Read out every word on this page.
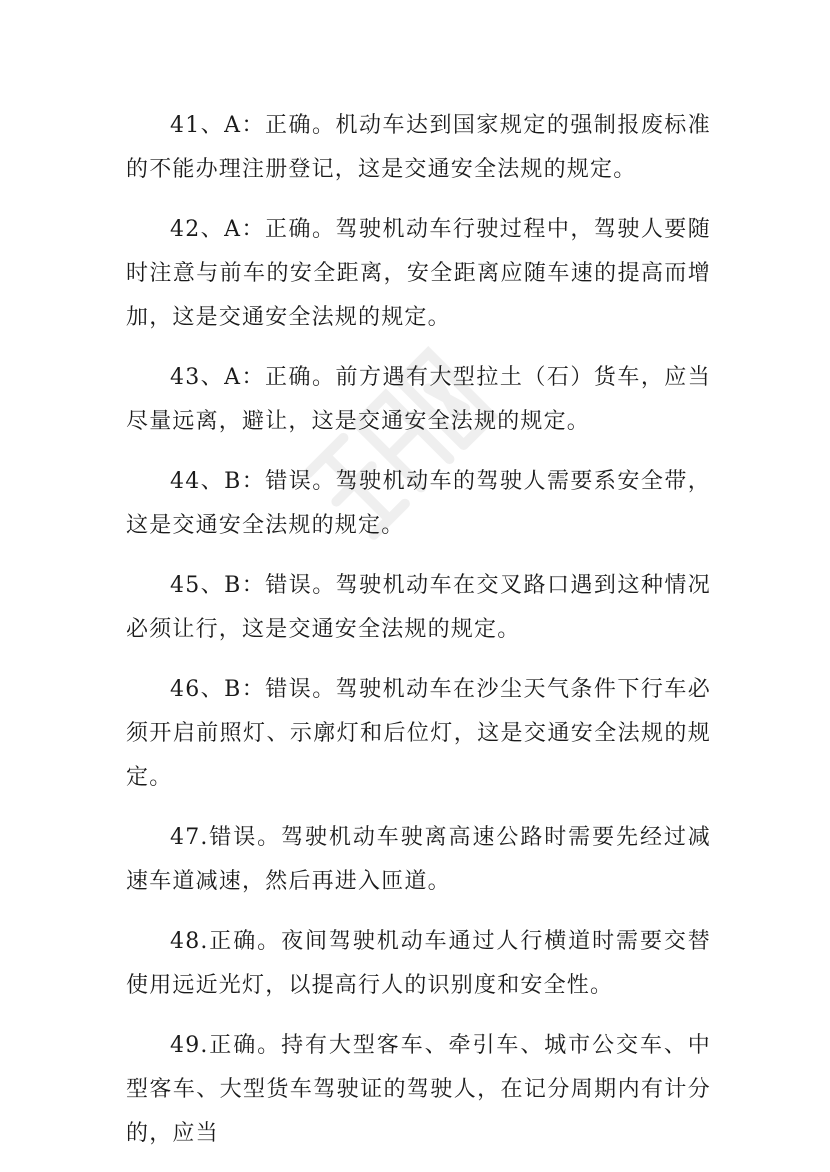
41、A：正确。机动车达到国家规定的强制报废标准的不能办理注册登记，这是交通安全法规的规定。

42、A：正确。驾驶机动车行驶过程中，驾驶人要随时注意与前车的安全距离，安全距离应随车速的提高而增加，这是交通安全法规的规定。

43、A：正确。前方遇有大型拉土（石）货车，应当尽量远离，避让，这是交通安全法规的规定。

44、B：错误。驾驶机动车的驾驶人需要系安全带，这是交通安全法规的规定。

45、B：错误。驾驶机动车在交叉路口遇到这种情况必须让行，这是交通安全法规的规定。

46、B：错误。驾驶机动车在沙尘天气条件下行车必须开启前照灯、示廓灯和后位灯，这是交通安全法规的规定。

47.错误。驾驶机动车驶离高速公路时需要先经过减速车道减速，然后再进入匝道。

48.正确。夜间驾驶机动车通过人行横道时需要交替使用远近光灯，以提高行人的识别度和安全性。

49.正确。持有大型客车、牵引车、城市公交车、中型客车、大型货车驾驶证的驾驶人，在记分周期内有计分的，应当
